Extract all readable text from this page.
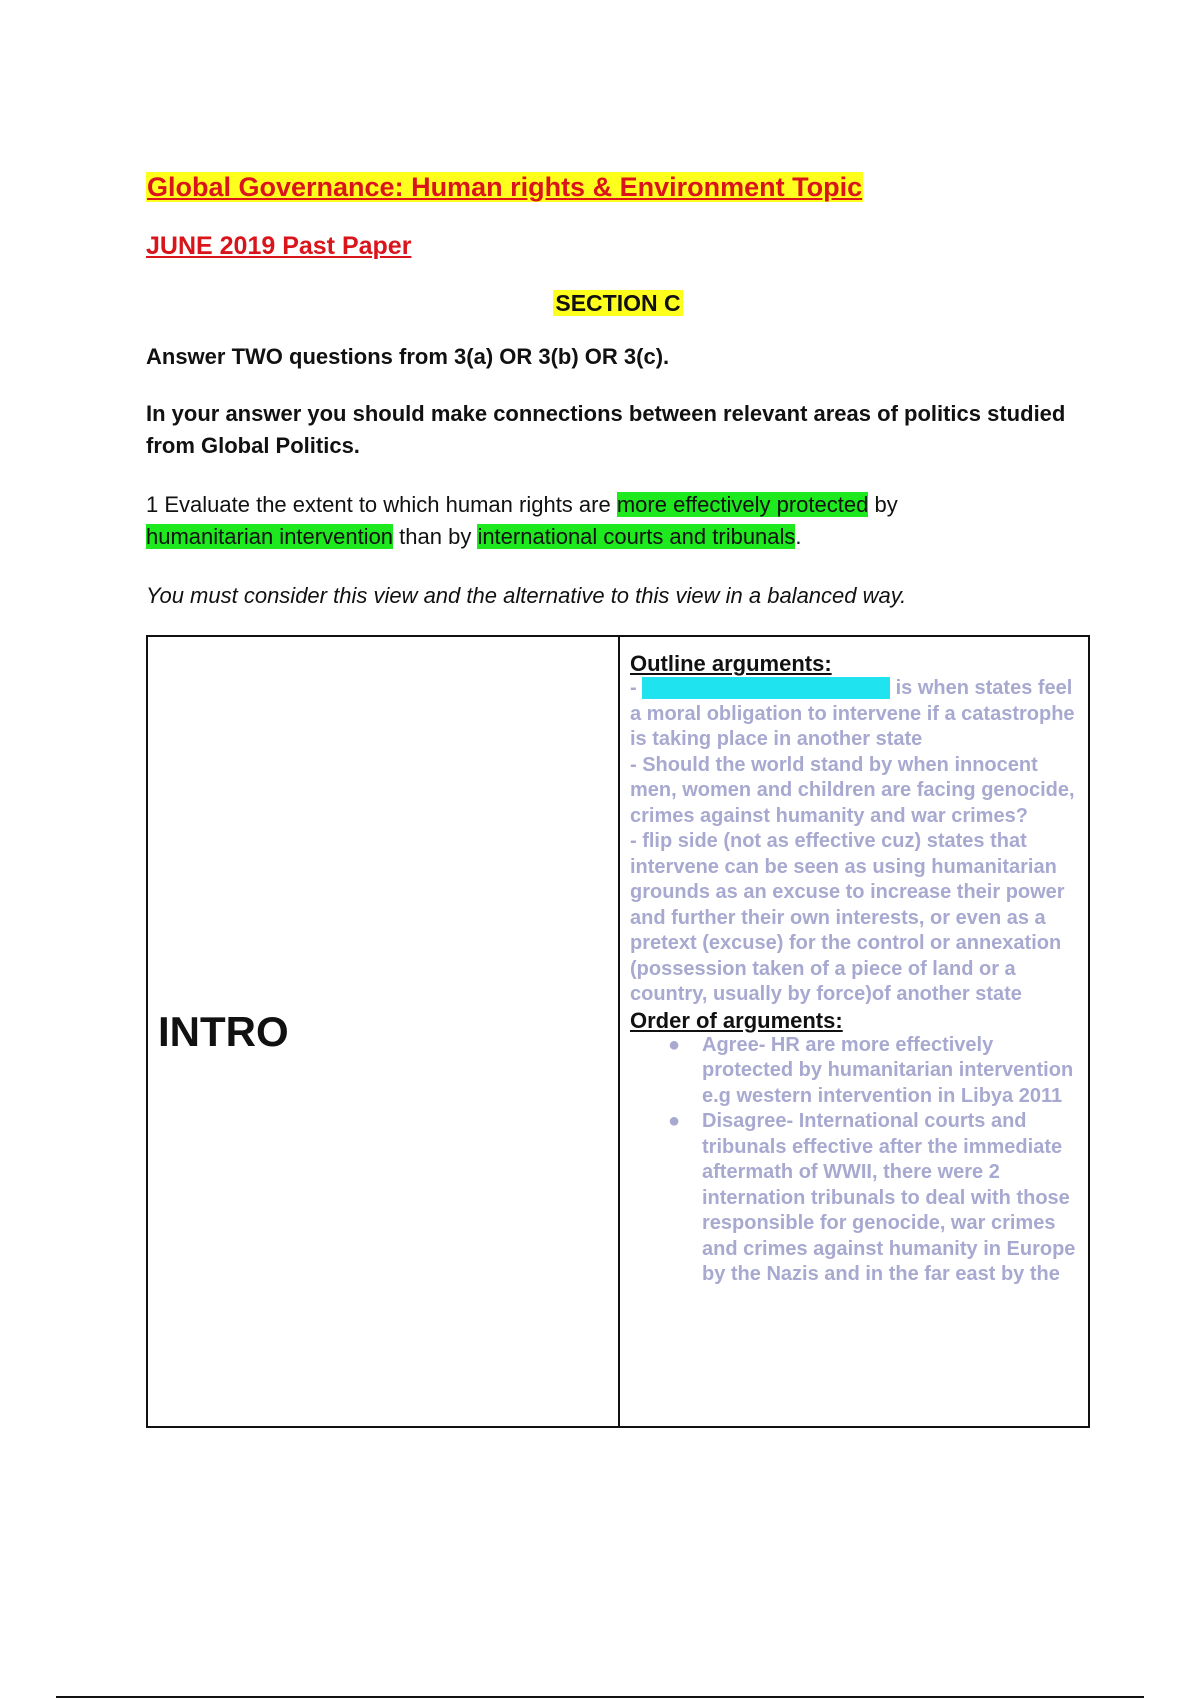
Global Governance: Human rights & Environment Topic
JUNE 2019 Past Paper
SECTION C
Answer TWO questions from 3(a) OR 3(b) OR 3(c).
In your answer you should make connections between relevant areas of politics studied from Global Politics.
1 Evaluate the extent to which human rights are more effectively protected by
humanitarian intervention than by international courts and tribunals.
You must consider this view and the alternative to this view in a balanced way.
INTRO

Outline arguments:
- Humanitarian intervention is when states feel a moral obligation to intervene if a catastrophe is taking place in another state
- Should the world stand by when innocent men, women and children are facing genocide, crimes against humanity and war crimes?
- flip side (not as effective cuz) states that intervene can be seen as using humanitarian grounds as an excuse to increase their power and further their own interests, or even as a pretext (excuse) for the control or annexation (possession taken of a piece of land or a country, usually by force)of another state
Order of arguments:
● Agree- HR are more effectively protected by humanitarian intervention e.g western intervention in Libya 2011
● Disagree- International courts and tribunals effective after the immediate aftermath of WWII, there were 2 internation tribunals to deal with those responsible for genocide, war crimes and crimes against humanity in Europe by the Nazis and in the far east by the
